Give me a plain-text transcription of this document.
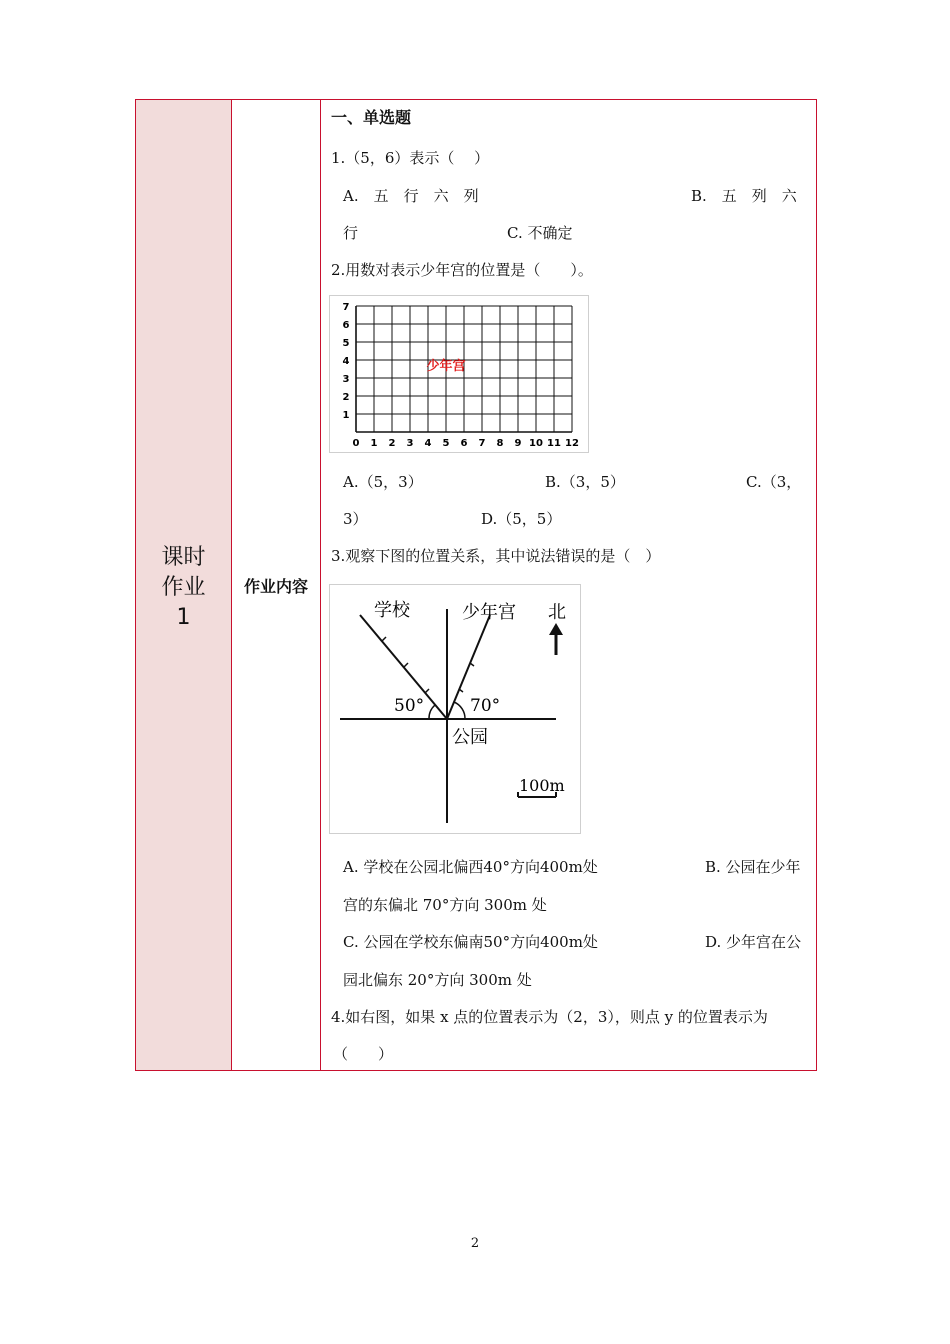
课时
作业
1
作业内容
一、单选题
1.（5，6）表示（　 ）
A.　五　行　六　列	B.　五　列　六
行	C. 不确定
2.用数对表示少年宫的位置是（　　）。
0 1 2 3 4 5 6 7 8 9 10 11 12
1
2
3
4
5
6
7
少年宫
A.（5，3）	B.（3，5）	C.（3，
3）	D.（5，5）
3.观察下图的位置关系，其中说法错误的是（　）
学校	少年宫 北
公园
50°	70°
100m
A. 学校在公园北偏西40°方向400m处	B. 公园在少年
宫的东偏北 70°方向 300m 处
C. 公园在学校东偏南50°方向400m处	D. 少年宫在公
园北偏东 20°方向 300m 处
4.如右图，如果 x 点的位置表示为（2，3），则点 y 的位置表示为
（　　）
2
